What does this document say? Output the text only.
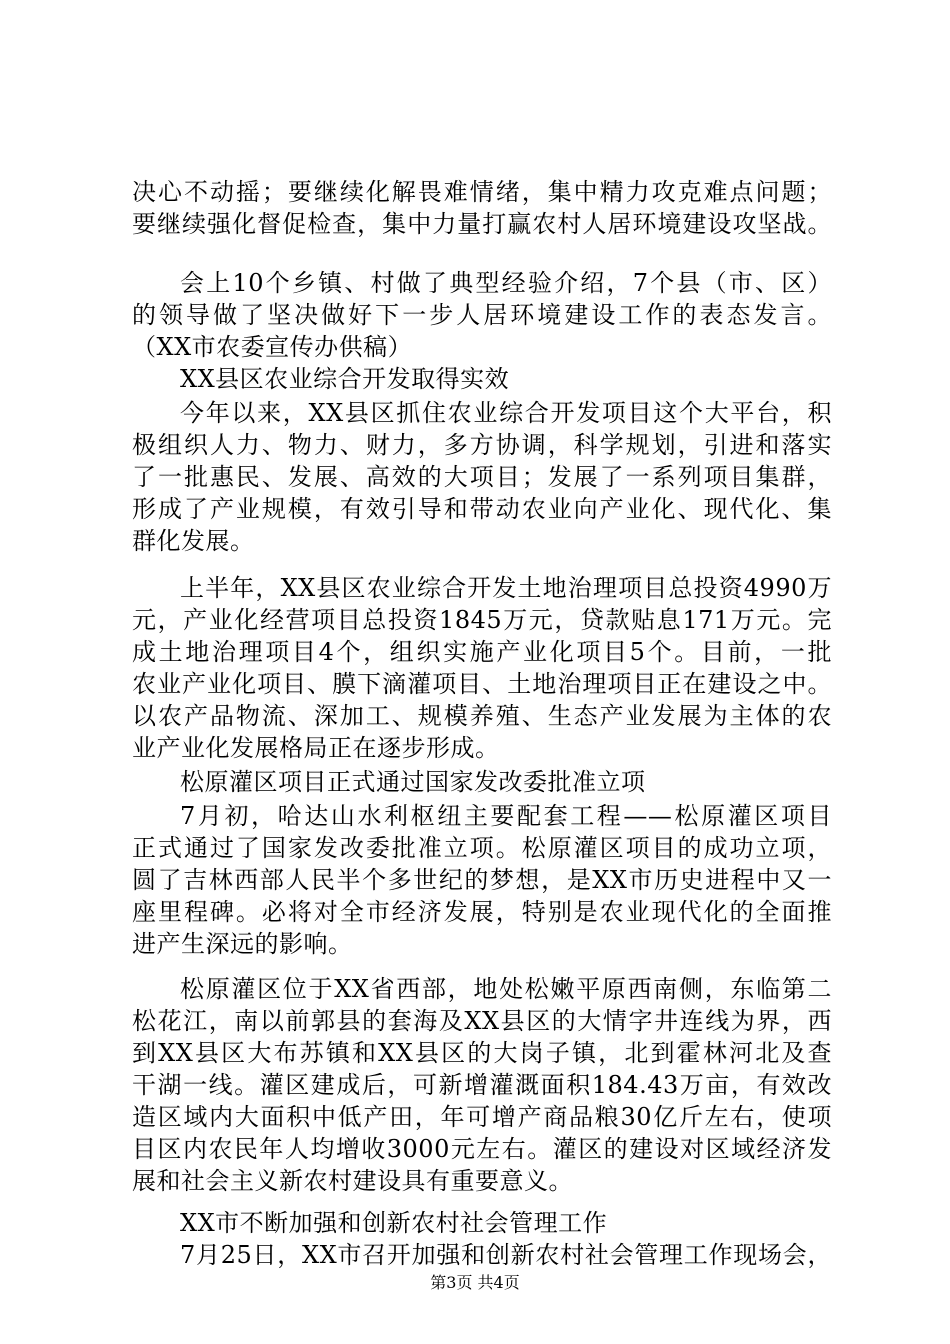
决心不动摇；要继续化解畏难情绪，集中精力攻克难点问题；
要继续强化督促检查，集中力量打赢农村人居环境建设攻坚战。
会上10个乡镇、村做了典型经验介绍，7个县（市、区）
的领导做了坚决做好下一步人居环境建设工作的表态发言。
（XX市农委宣传办供稿）
XX县区农业综合开发取得实效
今年以来，XX县区抓住农业综合开发项目这个大平台，积
极组织人力、物力、财力，多方协调，科学规划，引进和落实
了一批惠民、发展、高效的大项目；发展了一系列项目集群，
形成了产业规模，有效引导和带动农业向产业化、现代化、集
群化发展。
上半年，XX县区农业综合开发土地治理项目总投资4990万
元，产业化经营项目总投资1845万元，贷款贴息171万元。完
成土地治理项目4个，组织实施产业化项目5个。目前，一批
农业产业化项目、膜下滴灌项目、土地治理项目正在建设之中。
以农产品物流、深加工、规模养殖、生态产业发展为主体的农
业产业化发展格局正在逐步形成。
松原灌区项目正式通过国家发改委批准立项
7月初，哈达山水利枢纽主要配套工程——松原灌区项目
正式通过了国家发改委批准立项。松原灌区项目的成功立项，
圆了吉林西部人民半个多世纪的梦想，是XX市历史进程中又一
座里程碑。必将对全市经济发展，特别是农业现代化的全面推
进产生深远的影响。
松原灌区位于XX省西部，地处松嫩平原西南侧，东临第二
松花江，南以前郭县的套海及XX县区的大情字井连线为界，西
到XX县区大布苏镇和XX县区的大岗子镇，北到霍林河北及查
干湖一线。灌区建成后，可新增灌溉面积184.43万亩，有效改
造区域内大面积中低产田，年可增产商品粮30亿斤左右，使项
目区内农民年人均增收3000元左右。灌区的建设对区域经济发
展和社会主义新农村建设具有重要意义。
XX市不断加强和创新农村社会管理工作
7月25日，XX市召开加强和创新农村社会管理工作现场会，
第3页 共4页
